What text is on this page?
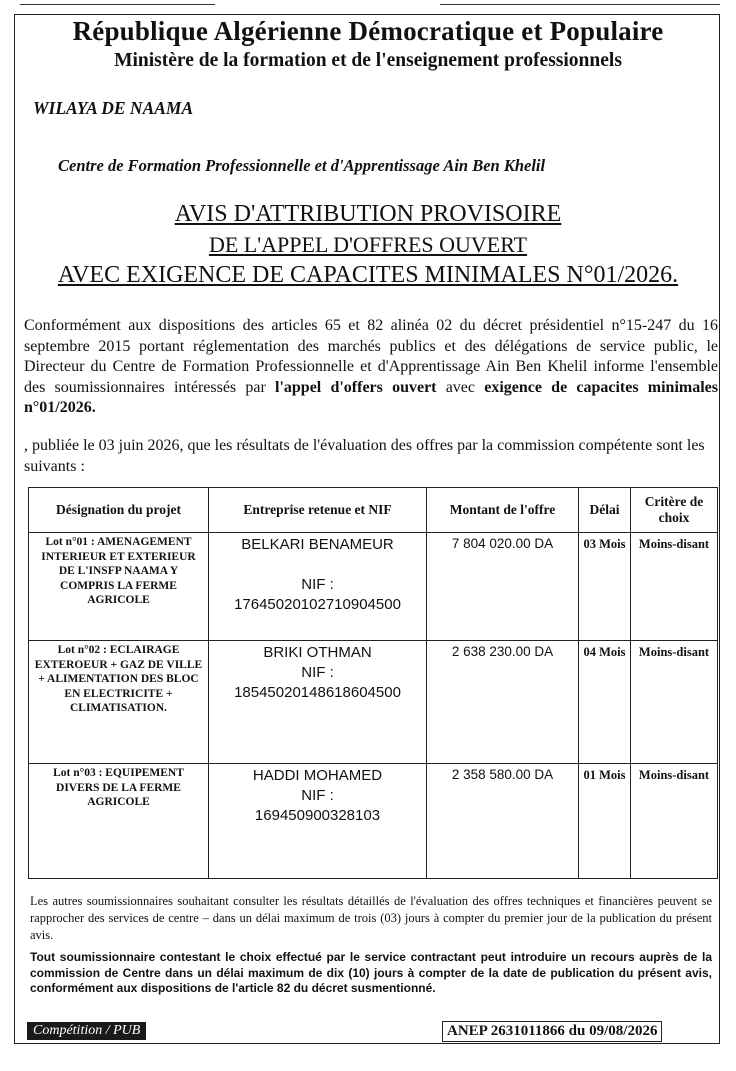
République Algérienne Démocratique et Populaire
Ministère de la formation et de l'enseignement professionnels
WILAYA DE NAAMA
Centre de Formation Professionnelle et d'Apprentissage Ain Ben Khelil
AVIS D'ATTRIBUTION PROVISOIRE
DE L'APPEL D'OFFRES OUVERT
AVEC EXIGENCE DE CAPACITES MINIMALES N°01/2026.
Conformément aux dispositions des articles 65 et 82 alinéa 02 du décret présidentiel n°15-247 du 16 septembre 2015 portant réglementation des marchés publics et des délégations de service public, le Directeur du Centre de Formation Professionnelle et d'Apprentissage Ain Ben Khelil informe l'ensemble des soumissionnaires intéressés par l'appel d'offers ouvert avec exigence de capacites minimales n°01/2026.
, publiée le 03 juin 2026, que les résultats de l'évaluation des offres par la commission compétente sont les suivants :
Désignation du projet	Entreprise retenue et NIF	Montant de l'offre	Délai	Critère de choix
Lot n°01 : AMENAGEMENT INTERIEUR ET EXTERIEUR DE L'INSFP NAAMA Y COMPRIS LA FERME AGRICOLE	BELKARI BENAMEUR

NIF :
176450201027109045​00	7 804 020.00 DA	03 Mois	Moins-disant
Lot n°02 : ECLAIRAGE EXTEROEUR + GAZ DE VILLE + ALIMENTATION DES BLOC EN ELECTRICITE + CLIMATISATION.	BRIKI OTHMAN
NIF :
185450201486186045​00	2 638 230.00 DA	04 Mois	Moins-disant
Lot n°03 : EQUIPEMENT DIVERS DE LA FERME AGRICOLE	HADDI MOHAMED
NIF :
169450900328103	2 358 580.00 DA	01 Mois	Moins-disant
Les autres soumissionnaires souhaitant consulter les résultats détaillés de l'évaluation des offres techniques et financières peuvent se rapprocher des services de centre – dans un délai maximum de trois (03) jours à compter du premier jour de la publication du présent avis.
Tout soumissionnaire contestant le choix effectué par le service contractant peut introduire un recours auprès de la commission de Centre dans un délai maximum de dix (10) jours à compter de la date de publication du présent avis, conformément aux dispositions de l'article 82 du décret susmentionné.
Compétition / PUB	ANEP 2631011866 du 09/08/2026
